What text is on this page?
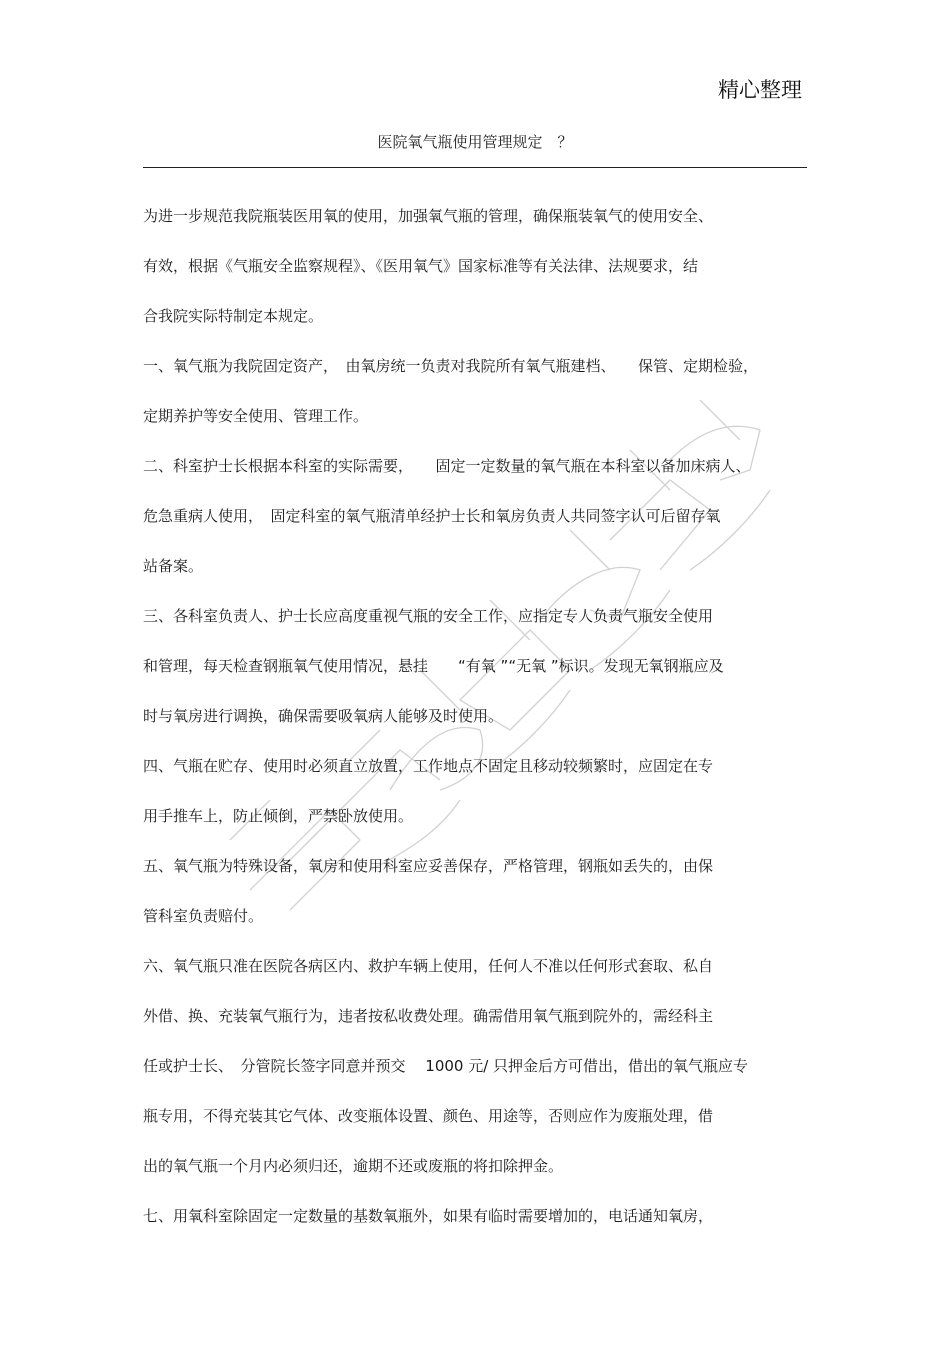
精心整理
医院氧气瓶使用管理规定　？
为进一步规范我院瓶装医用氧的使用，加强氧气瓶的管理，确保瓶装氧气的使用安全、
有效，根据《气瓶安全监察规程》、《医用氧气》国家标准等有关法律、法规要求，结
合我院实际特制定本规定。
一、氧气瓶为我院固定资产，　由氧房统一负责对我院所有氧气瓶建档、　　保管、定期检验，
定期养护等安全使用、管理工作。
二、科室护士长根据本科室的实际需要，　　固定一定数量的氧气瓶在本科室以备加床病人、
危急重病人使用，　固定科室的氧气瓶清单经护士长和氧房负责人共同签字认可后留存氧
站备案。
三、各科室负责人、护士长应高度重视气瓶的安全工作，应指定专人负责气瓶安全使用
和管理，每天检查钢瓶氧气使用情况，悬挂　　“有氧 ”“无氧 ”标识。发现无氧钢瓶应及
时与氧房进行调换，确保需要吸氧病人能够及时使用。
四、气瓶在贮存、使用时必须直立放置，工作地点不固定且移动较频繁时，应固定在专
用手推车上，防止倾倒，严禁卧放使用。
五、氧气瓶为特殊设备，氧房和使用科室应妥善保存，严格管理，钢瓶如丢失的，由保
管科室负责赔付。
六、氧气瓶只准在医院各病区内、救护车辆上使用，任何人不准以任何形式套取、私自
外借、换、充装氧气瓶行为，违者按私收费处理。确需借用氧气瓶到院外的，需经科主
任或护士长、　分管院长签字同意并预交　 1000 元/ 只押金后方可借出，借出的氧气瓶应专
瓶专用，不得充装其它气体、改变瓶体设置、颜色、用途等，否则应作为废瓶处理，借
出的氧气瓶一个月内必须归还，逾期不还或废瓶的将扣除押金。
七、用氧科室除固定一定数量的基数氧瓶外，如果有临时需要增加的，电话通知氧房，
